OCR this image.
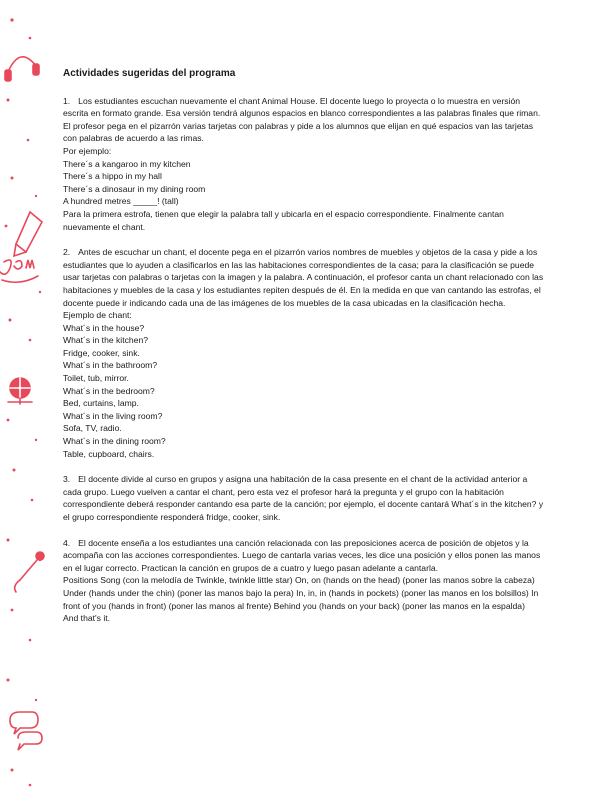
Actividades sugeridas del programa
1. Los estudiantes escuchan nuevamente el chant Animal House. El docente luego lo proyecta o lo muestra en versión escrita en formato grande. Esa versión tendrá algunos espacios en blanco correspondientes a las palabras finales que riman. El profesor pega en el pizarrón varias tarjetas con palabras y pide a los alumnos que elijan en qué espacios van las tarjetas con palabras de acuerdo a las rimas.
Por ejemplo:
There´s a kangaroo in my kitchen
There´s a hippo in my hall
There´s a dinosaur in my dining room
A hundred metres _____! (tall)
Para la primera estrofa, tienen que elegir la palabra tall y ubicarla en el espacio correspondiente. Finalmente cantan nuevamente el chant.
2. Antes de escuchar un chant, el docente pega en el pizarrón varios nombres de muebles y objetos de la casa y pide a los estudiantes que lo ayuden a clasificarlos en las las habitaciones correspondientes de la casa; para la clasificación se puede usar tarjetas con palabras o tarjetas con la imagen y la palabra. A continuación, el profesor canta un chant relacionado con las habitaciones y muebles de la casa y los estudiantes repiten después de él. En la medida en que van cantando las estrofas, el docente puede ir indicando cada una de las imágenes de los muebles de la casa ubicadas en la clasificación hecha.
Ejemplo de chant:
What´s in the house?
What´s in the kitchen?
Fridge, cooker, sink.
What´s in the bathroom?
Toilet, tub, mirror.
What´s in the bedroom?
Bed, curtains, lamp.
What´s in the living room?
Sofa, TV, radio.
What´s in the dining room?
Table, cupboard, chairs.
3. El docente divide al curso en grupos y asigna una habitación de la casa presente en el chant de la actividad anterior a cada grupo. Luego vuelven a cantar el chant, pero esta vez el profesor hará la pregunta y el grupo con la habitación correspondiente deberá responder cantando esa parte de la canción; por ejemplo, el docente cantará What´s in the kitchen? y el grupo correspondiente responderá fridge, cooker, sink.
4. El docente enseña a los estudiantes una canción relacionada con las preposiciones acerca de posición de objetos y la acompaña con las acciones correspondientes. Luego de cantarla varias veces, les dice una posición y ellos ponen las manos en el lugar correcto. Practican la canción en grupos de a cuatro y luego pasan adelante a cantarla.
Positions Song (con la melodía de Twinkle, twinkle little star) On, on (hands on the head) (poner las manos sobre la cabeza) Under (hands under the chin) (poner las manos bajo la pera) In, in, in (hands in pockets) (poner las manos en los bolsillos) In front of you (hands in front) (poner las manos al frente) Behind you (hands on your back) (poner las manos en la espalda)
And that's it.
